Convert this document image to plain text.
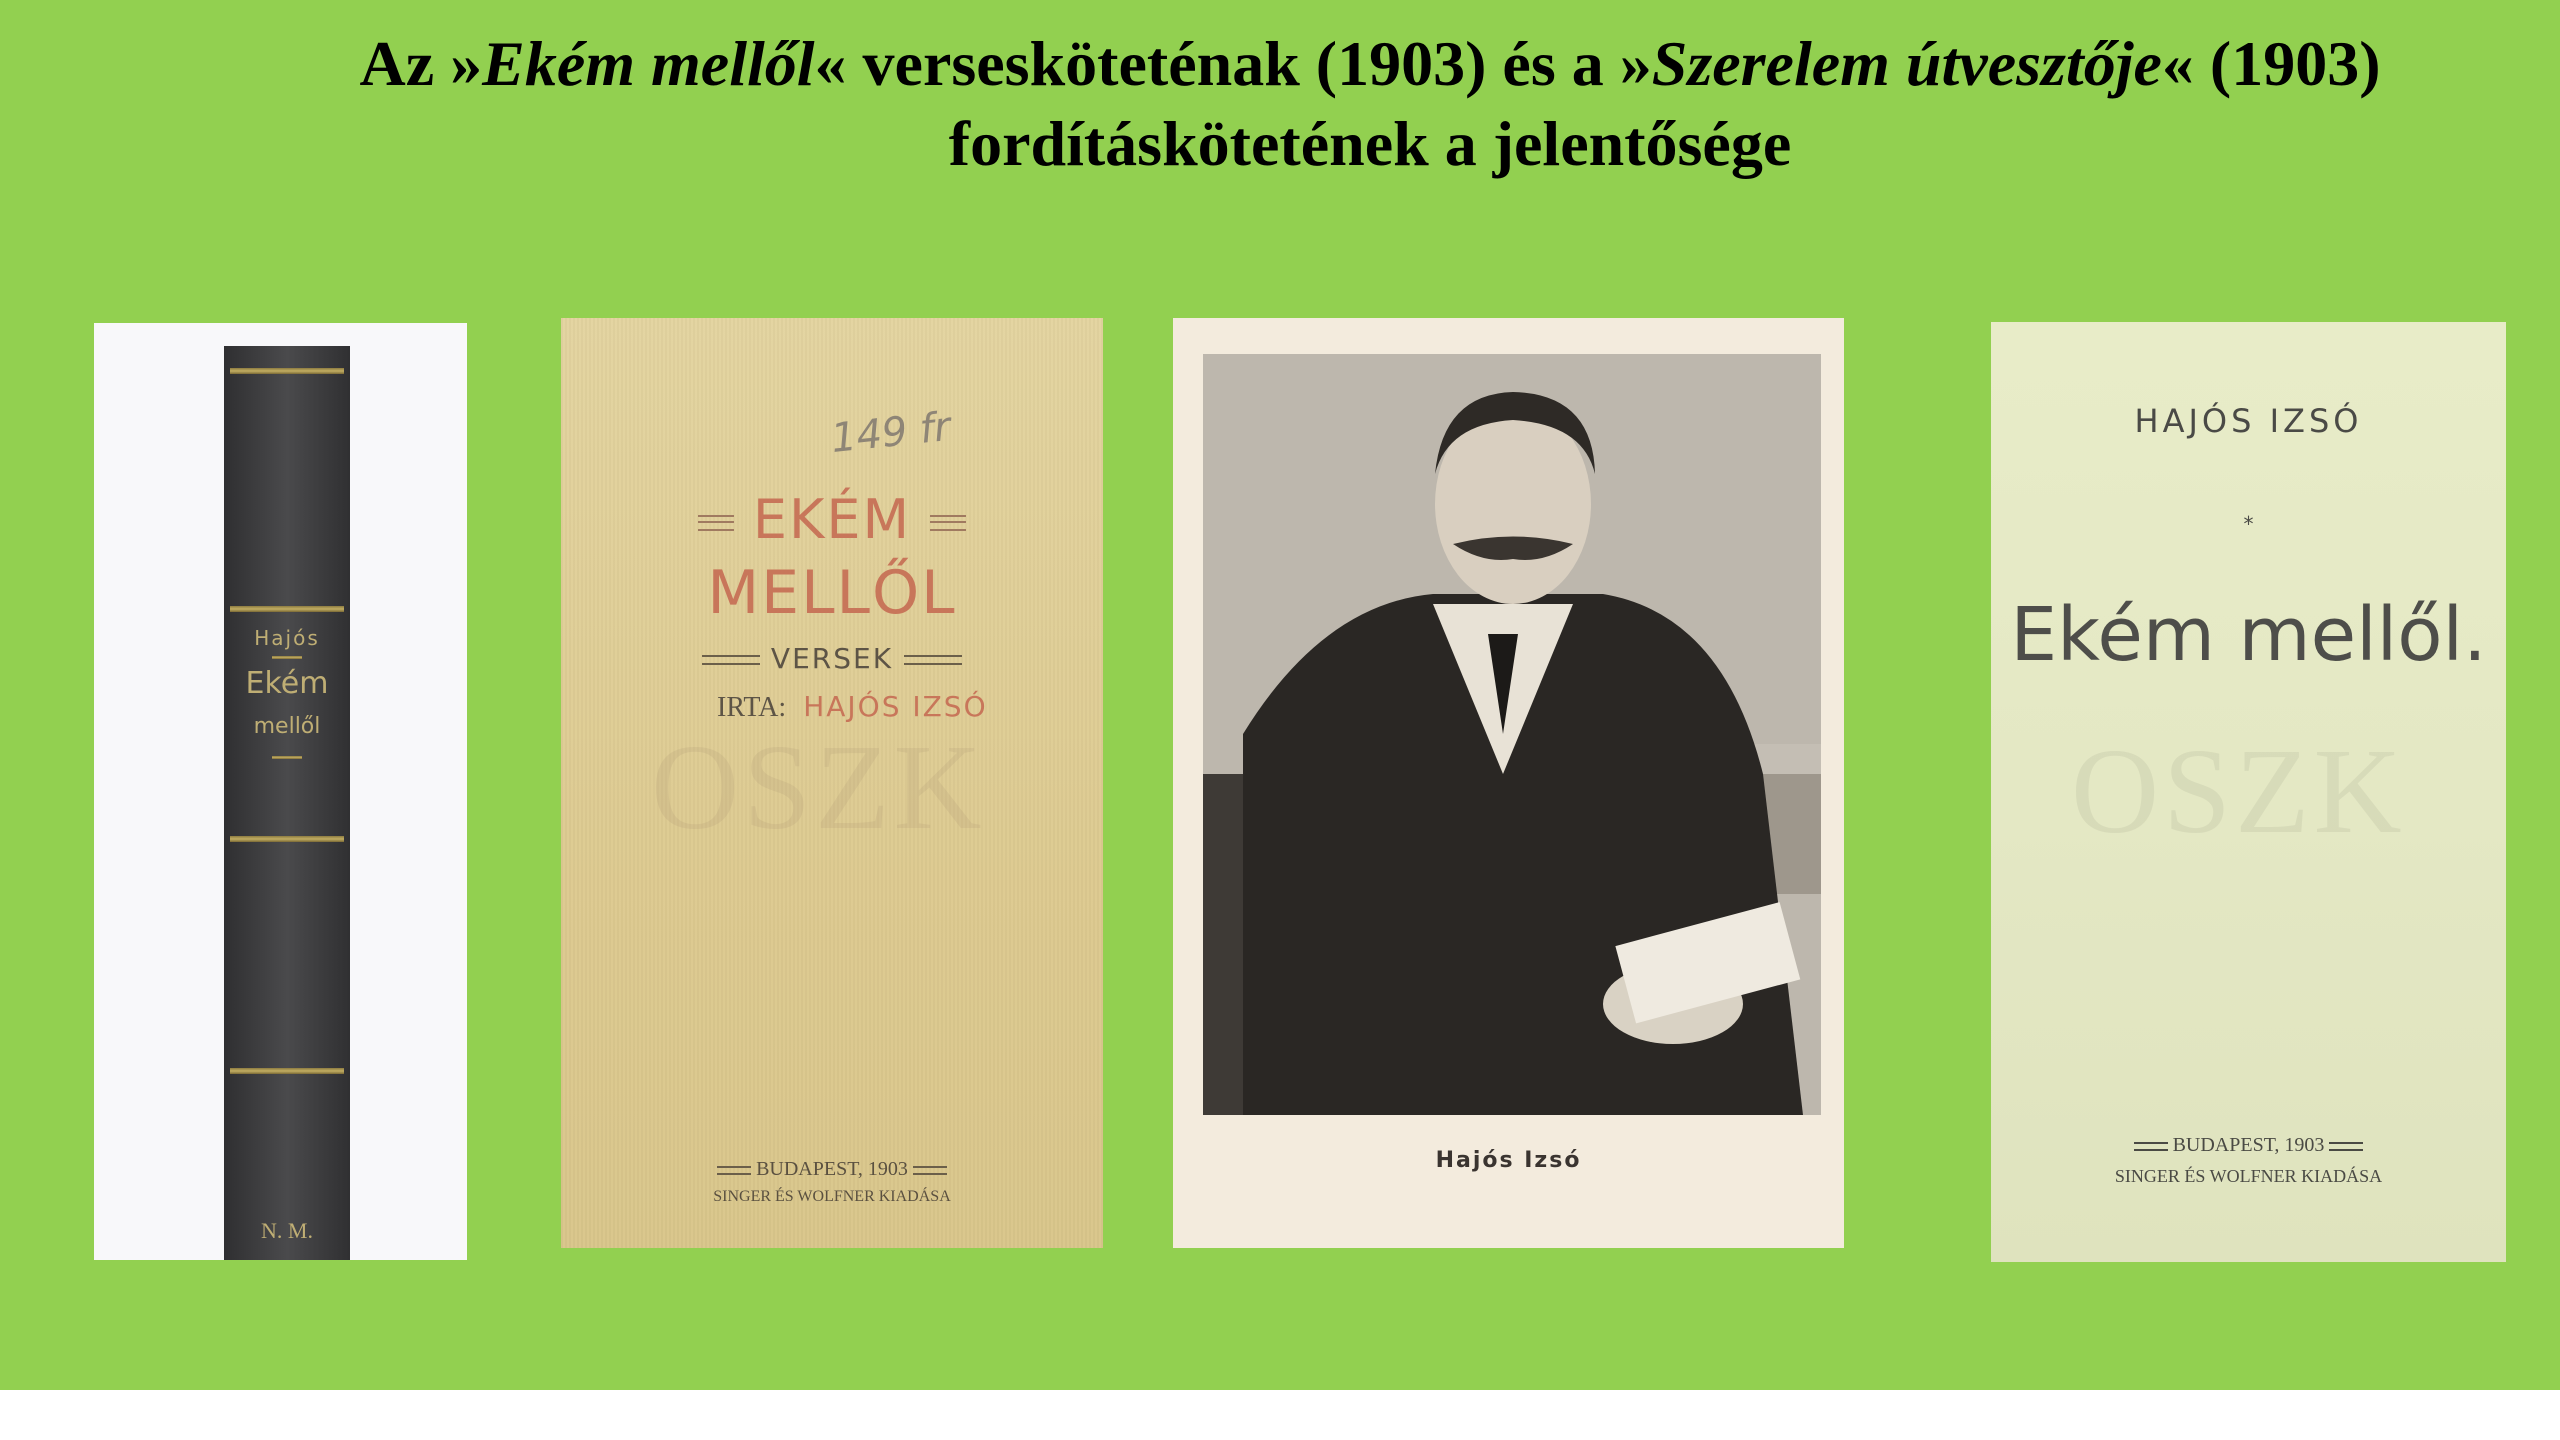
Az »Ekém mellől« versesköteténak (1903) és a »Szerelem útvesztője« (1903)
fordításkötetének a jelentősége
Hajós
Ekém
mellől
N. M.
149 fr
EKÉM
MELLŐL
VERSEK
IRTA: HAJÓS IZSÓ
OSZK
BUDAPEST, 1903
SINGER ÉS WOLFNER KIADÁSA
Hajós Izsó
HAJÓS IZSÓ
*
Ekém mellől.
OSZK
BUDAPEST, 1903
SINGER ÉS WOLFNER KIADÁSA
